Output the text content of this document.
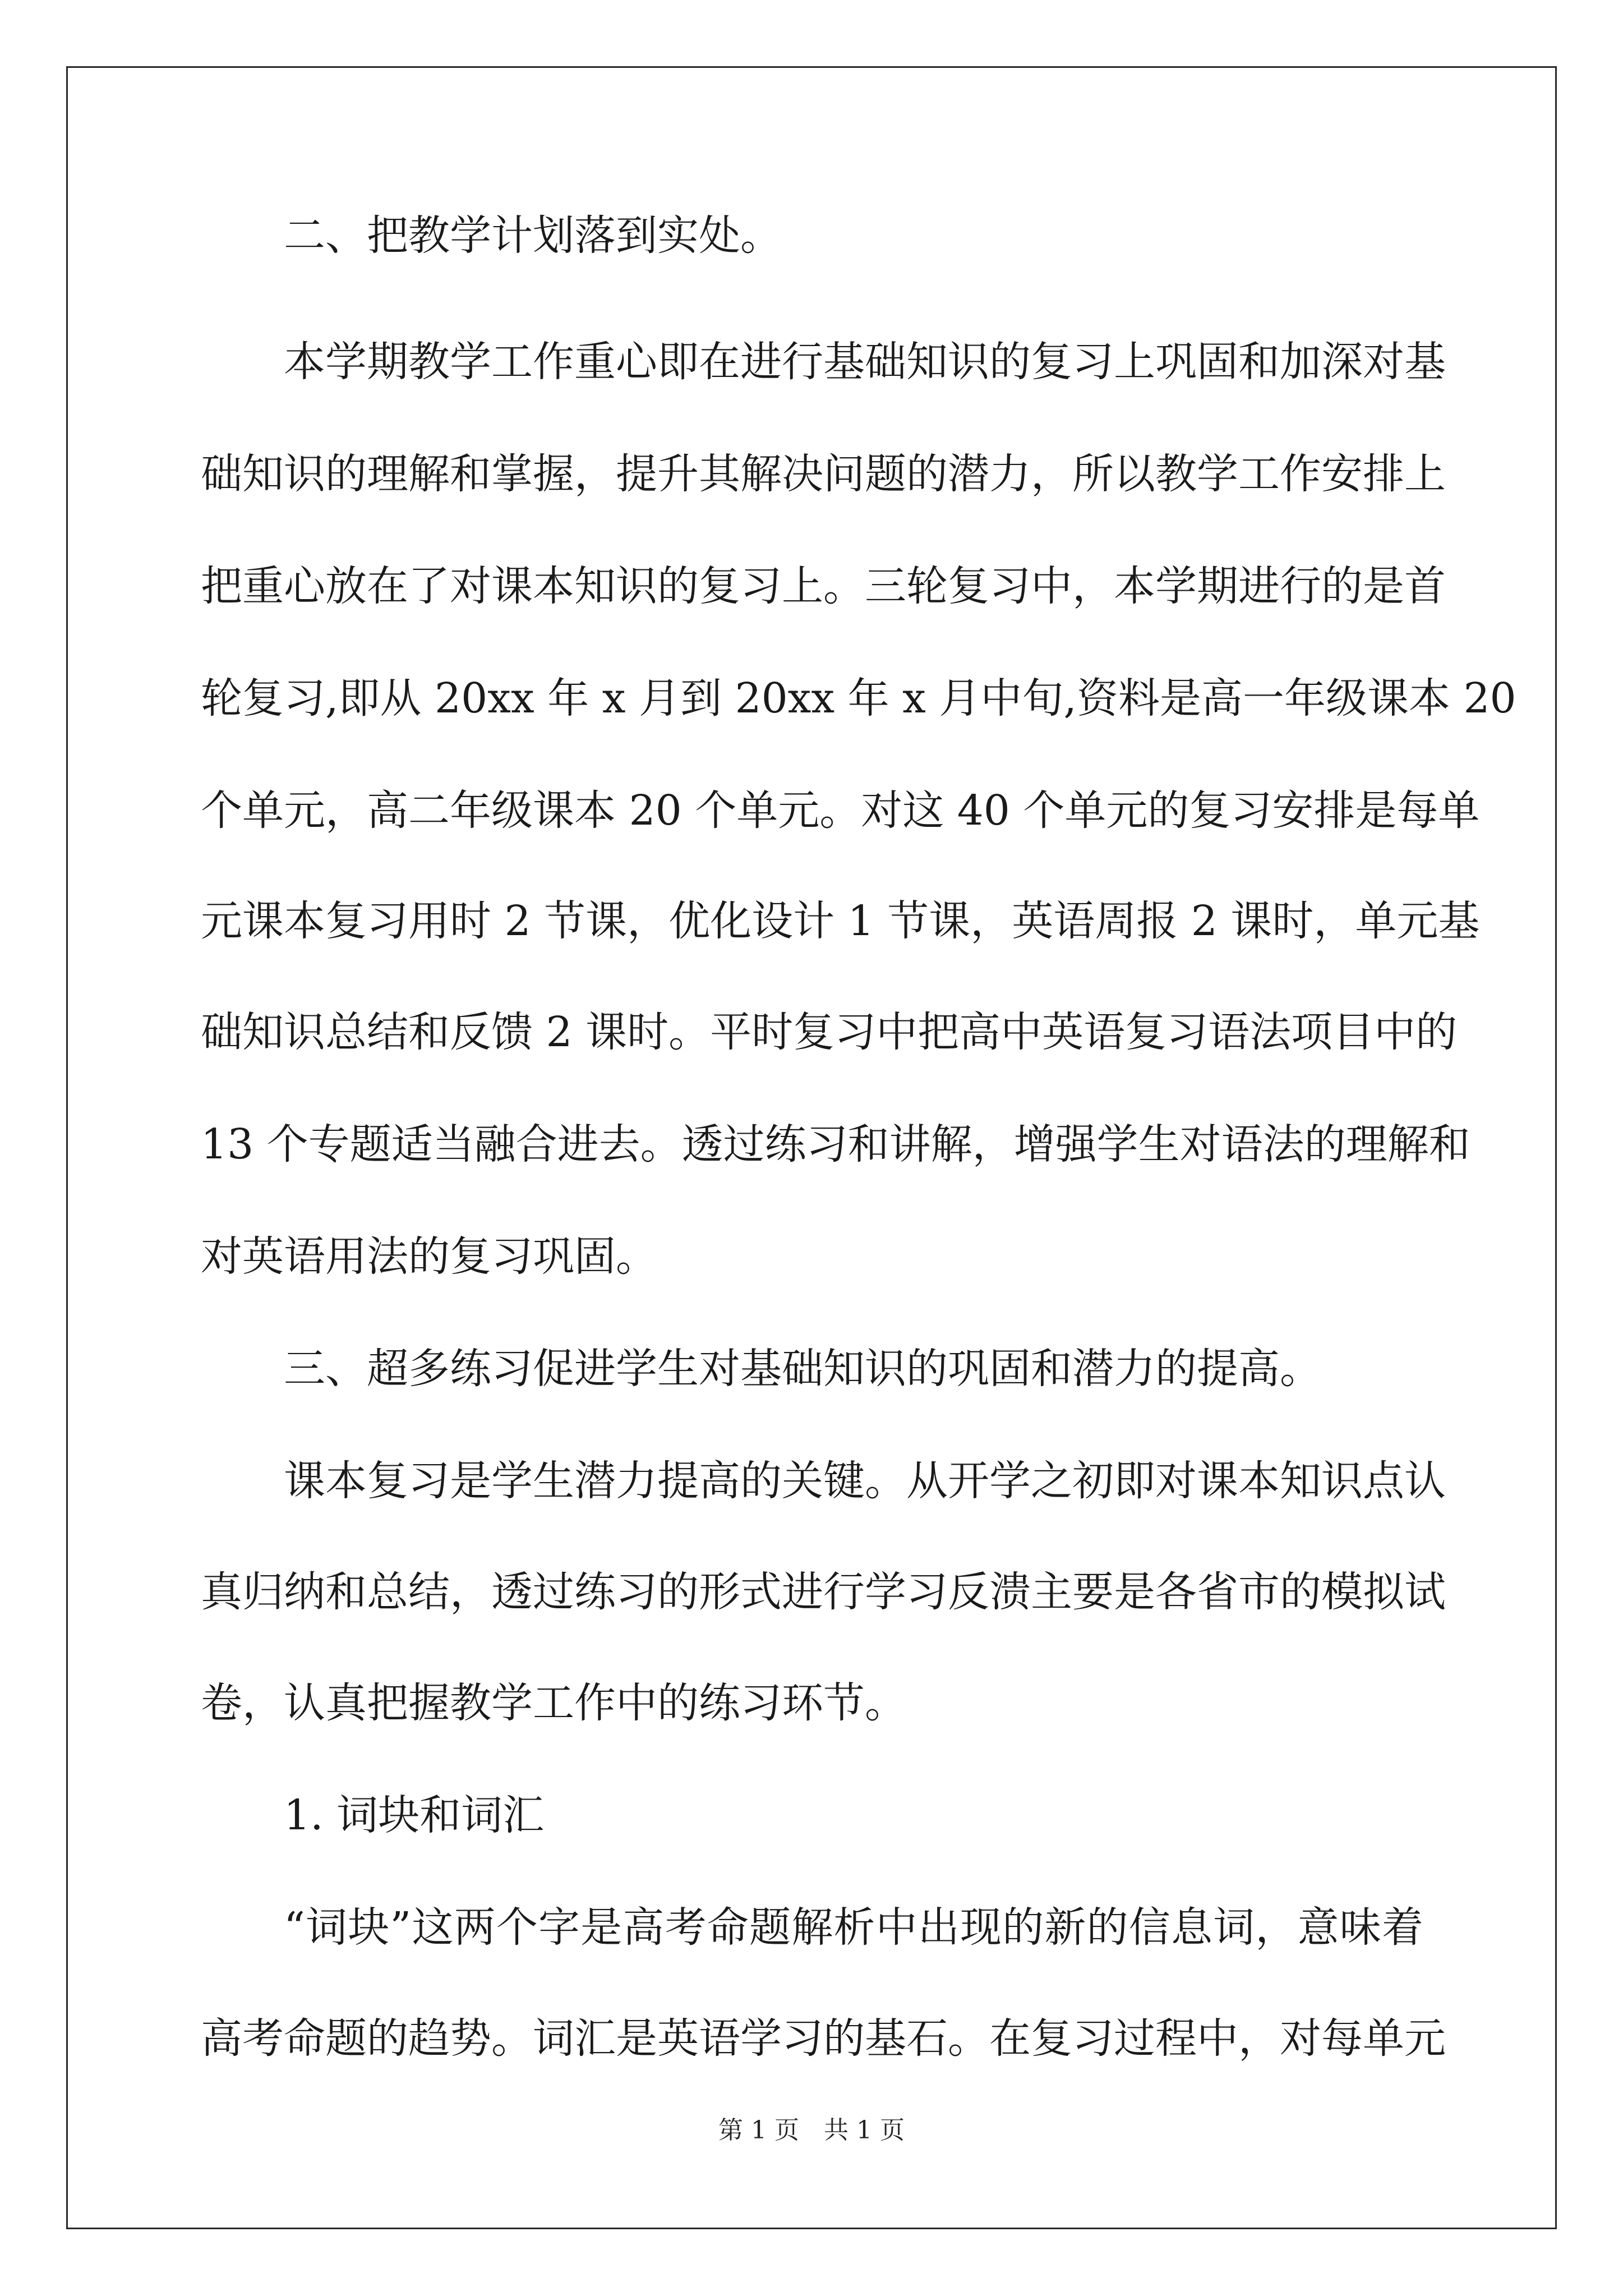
二、把教学计划落到实处。
本学期教学工作重心即在进行基础知识的复习上巩固和加深对基
础知识的理解和掌握，提升其解决问题的潜力，所以教学工作安排上
把重心放在了对课本知识的复习上。三轮复习中，本学期进行的是首
轮复习,即从 20xx 年 x 月到 20xx 年 x 月中旬,资料是高一年级课本 20
个单元，高二年级课本 20 个单元。对这 40 个单元的复习安排是每单
元课本复习用时 2 节课，优化设计 1 节课，英语周报 2 课时，单元基
础知识总结和反馈 2 课时。平时复习中把高中英语复习语法项目中的
13 个专题适当融合进去。透过练习和讲解，增强学生对语法的理解和
对英语用法的复习巩固。
三、超多练习促进学生对基础知识的巩固和潜力的提高。
课本复习是学生潜力提高的关键。从开学之初即对课本知识点认
真归纳和总结，透过练习的形式进行学习反溃主要是各省市的模拟试
卷，认真把握教学工作中的练习环节。
1. 词块和词汇
“词块”这两个字是高考命题解析中出现的新的信息词，意味着
高考命题的趋势。词汇是英语学习的基石。在复习过程中，对每单元
第 1 页　共 1 页
